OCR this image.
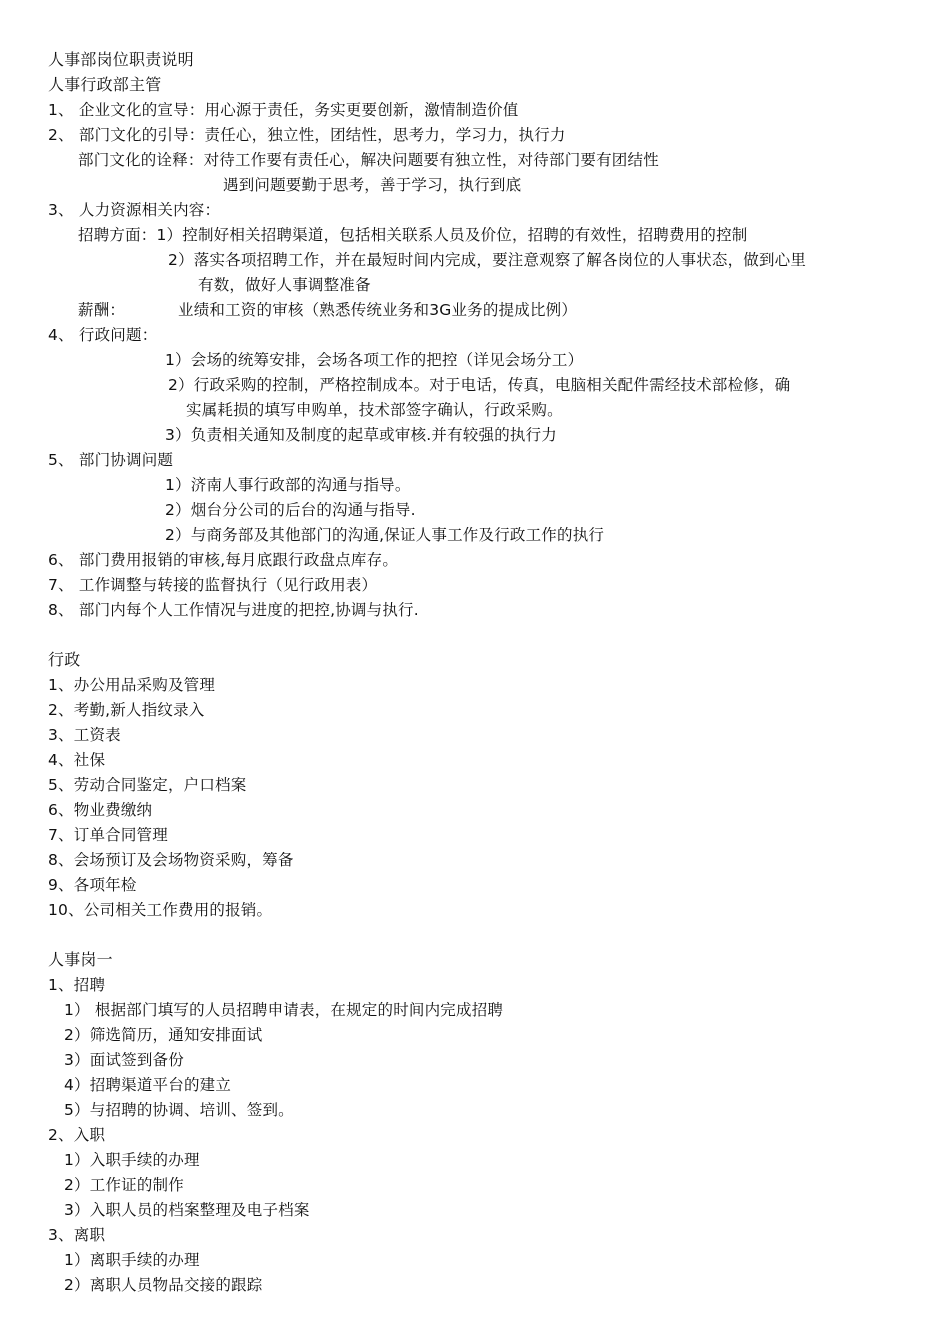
人事部岗位职责说明
人事行政部主管
1、 企业文化的宣导：用心源于责任，务实更要创新，激情制造价值
2、 部门文化的引导：责任心，独立性，团结性，思考力，学习力，执行力
部门文化的诠释：对待工作要有责任心，解决问题要有独立性，对待部门要有团结性
遇到问题要勤于思考，善于学习，执行到底
3、 人力资源相关内容：
招聘方面：1）控制好相关招聘渠道，包括相关联系人员及价位，招聘的有效性，招聘费用的控制
2）落实各项招聘工作，并在最短时间内完成，要注意观察了解各岗位的人事状态，做到心里
有数，做好人事调整准备
薪酬：	业绩和工资的审核（熟悉传统业务和3G业务的提成比例）
4、 行政问题：
1）会场的统筹安排，会场各项工作的把控（详见会场分工）
2）行政采购的控制，严格控制成本。对于电话，传真，电脑相关配件需经技术部检修，确
实属耗损的填写申购单，技术部签字确认，行政采购。
3）负责相关通知及制度的起草或审核.并有较强的执行力
5、 部门协调问题
1）济南人事行政部的沟通与指导。
2）烟台分公司的后台的沟通与指导.
2）与商务部及其他部门的沟通,保证人事工作及行政工作的执行
6、 部门费用报销的审核,每月底跟行政盘点库存。
7、 工作调整与转接的监督执行（见行政用表）
8、 部门内每个人工作情况与进度的把控,协调与执行.
行政
1、办公用品采购及管理
2、考勤,新人指纹录入
3、工资表
4、社保
5、劳动合同鉴定，户口档案
6、物业费缴纳
7、订单合同管理
8、会场预订及会场物资采购，筹备
9、各项年检
10、公司相关工作费用的报销。
人事岗一
1、招聘
1） 根据部门填写的人员招聘申请表，在规定的时间内完成招聘
2）筛选简历，通知安排面试
3）面试签到备份
4）招聘渠道平台的建立
5）与招聘的协调、培训、签到。
2、入职
1）入职手续的办理
2）工作证的制作
3）入职人员的档案整理及电子档案
3、离职
1）离职手续的办理
2）离职人员物品交接的跟踪
